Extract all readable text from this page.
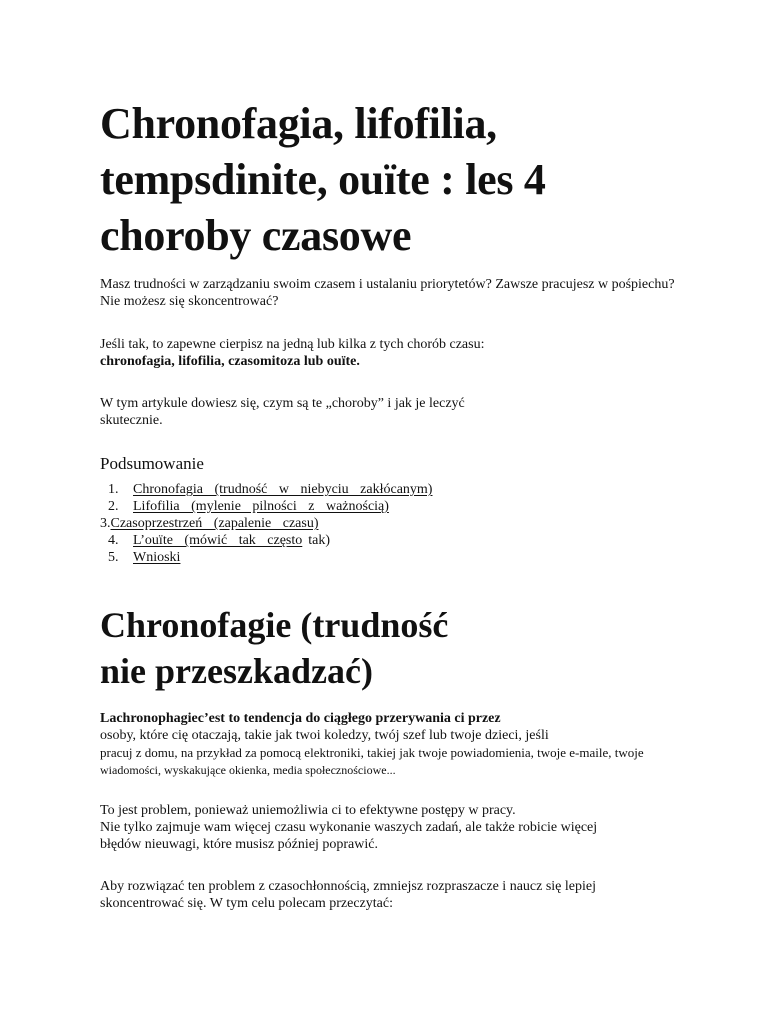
Chronofagia, lifofilia,
tempsdinite, ouïte : les 4
choroby czasowe

Masz trudności w zarządzaniu swoim czasem i ustalaniu priorytetów? Zawsze pracujesz w pośpiechu?
Nie możesz się skoncentrować?

Jeśli tak, to zapewne cierpisz na jedną lub kilka z tych chorób czasu:
chronofagia, lifofilia, czasomitoza lub ouïte.

W tym artykule dowiesz się, czym są te „choroby” i jak je leczyć
skutecznie.

Podsumowanie
1.	Chronofagia (trudność w niebyciu zakłócanym)
2.	Lifofilia (mylenie pilności z ważnością)
3. Czasoprzestrzeń (zapalenie czasu)
4.	L’ouïte (mówić tak często tak)
5.	Wnioski
Chronofagie (trudność
nie przeszkadzać)

Lachronophagiec’est to tendencja do ciągłego przerywania ci przez
osoby, które cię otaczają, takie jak twoi koledzy, twój szef lub twoje dzieci, jeśli
pracuj z domu, na przykład za pomocą elektroniki, takiej jak twoje powiadomienia, twoje e-maile, twoje
wiadomości, wyskakujące okienka, media społecznościowe...

To jest problem, ponieważ uniemożliwia ci to efektywne postępy w pracy.
Nie tylko zajmuje wam więcej czasu wykonanie waszych zadań, ale także robicie więcej
błędów nieuwagi, które musisz później poprawić.

Aby rozwiązać ten problem z czasochłonnością, zmniejsz rozpraszacze i naucz się lepiej
skoncentrować się. W tym celu polecam przeczytać:
